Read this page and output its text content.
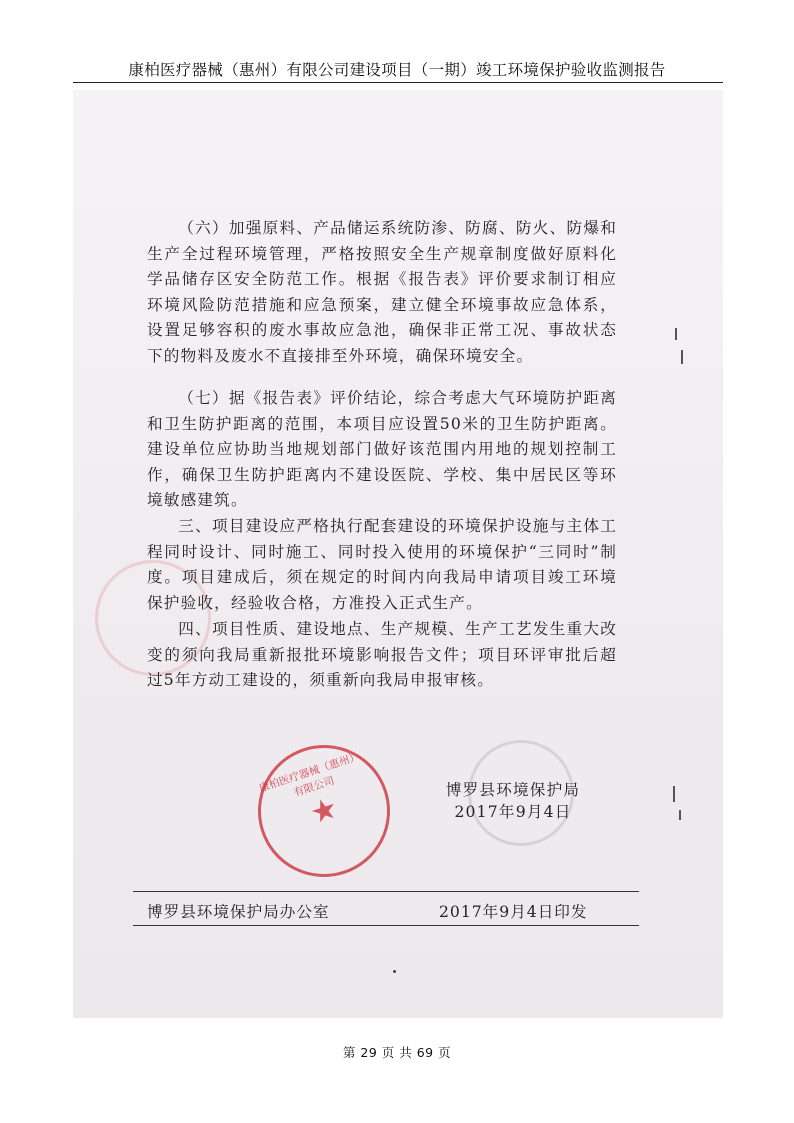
康柏医疗器械（惠州）有限公司建设项目（一期）竣工环境保护验收监测报告
（六）加强原料、产品储运系统防渗、防腐、防火、防爆和生产全过程环境管理，严格按照安全生产规章制度做好原料化学品储存区安全防范工作。根据《报告表》评价要求制订相应环境风险防范措施和应急预案，建立健全环境事故应急体系，设置足够容积的废水事故应急池，确保非正常工况、事故状态下的物料及废水不直接排至外环境，确保环境安全。
（七）据《报告表》评价结论，综合考虑大气环境防护距离和卫生防护距离的范围，本项目应设置50米的卫生防护距离。建设单位应协助当地规划部门做好该范围内用地的规划控制工作，确保卫生防护距离内不建设医院、学校、集中居民区等环境敏感建筑。
三、项目建设应严格执行配套建设的环境保护设施与主体工程同时设计、同时施工、同时投入使用的环境保护“三同时”制度。项目建成后，须在规定的时间内向我局申请项目竣工环境保护验收，经验收合格，方准投入正式生产。
四、项目性质、建设地点、生产规模、生产工艺发生重大改变的须向我局重新报批环境影响报告文件；项目环评审批后超过5年方动工建设的，须重新向我局申报审核。
博罗县环境保护局
2017年9月4日
康柏医疗器械（惠州）有限公司
★
博罗县环境保护局办公室	2017年9月4日印发
第 29 页 共 69 页
